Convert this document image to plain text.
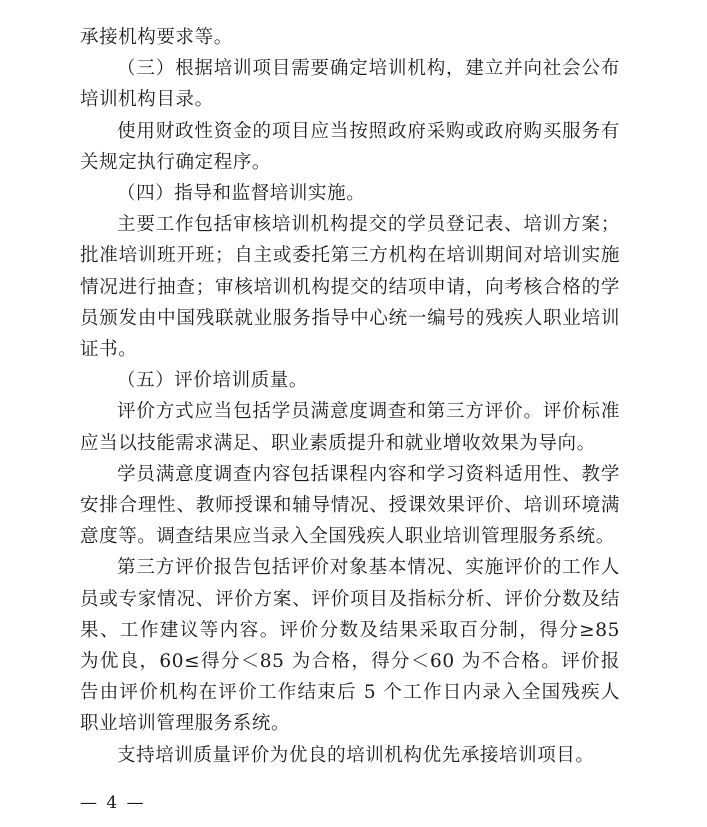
承接机构要求等。

（三）根据培训项目需要确定培训机构，建立并向社会公布培训机构目录。

使用财政性资金的项目应当按照政府采购或政府购买服务有关规定执行确定程序。

（四）指导和监督培训实施。

主要工作包括审核培训机构提交的学员登记表、培训方案；批准培训班开班；自主或委托第三方机构在培训期间对培训实施情况进行抽查；审核培训机构提交的结项申请，向考核合格的学员颁发由中国残联就业服务指导中心统一编号的残疾人职业培训证书。

（五）评价培训质量。

评价方式应当包括学员满意度调查和第三方评价。评价标准应当以技能需求满足、职业素质提升和就业增收效果为导向。

学员满意度调查内容包括课程内容和学习资料适用性、教学安排合理性、教师授课和辅导情况、授课效果评价、培训环境满意度等。调查结果应当录入全国残疾人职业培训管理服务系统。

第三方评价报告包括评价对象基本情况、实施评价的工作人员或专家情况、评价方案、评价项目及指标分析、评价分数及结果、工作建议等内容。评价分数及结果采取百分制，得分≥85 为优良，60≤得分＜85 为合格，得分＜60 为不合格。评价报告由评价机构在评价工作结束后 5 个工作日内录入全国残疾人职业培训管理服务系统。

支持培训质量评价为优良的培训机构优先承接培训项目。

— 4 —
